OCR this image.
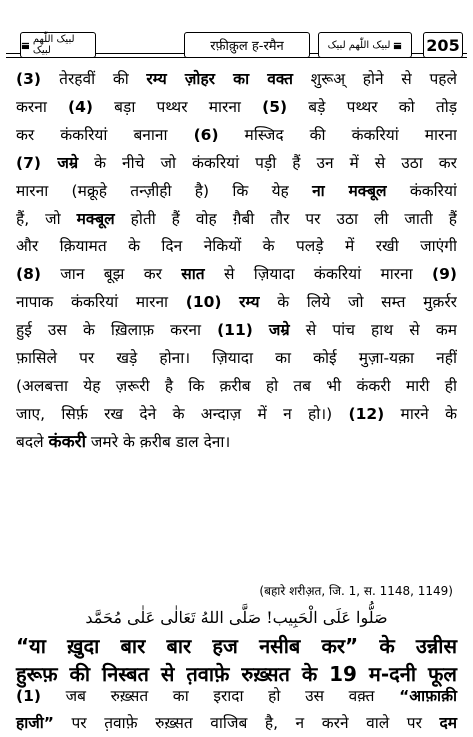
لبیک اللّٰھم لبیک	रफ़ीक़ुल ह-रमैन	لبیک اللّٰھم لبیک 205
(3) तेरहवीं की रम्य ज़ोहर का वक्त शुरूअ् होने से पहले
करना (4) बड़ा पथ्थर मारना (5) बड़े पथ्थर को तोड़
कर कंकरियां बनाना (6) मस्जिद की कंकरियां मारना
(7) जम्रे के नीचे जो कंकरियां पड़ी हैं उन में से उठा कर
मारना (मक्रूहे तन्ज़ीही है) कि येह ना मक्बूल कंकरियां
हैं, जो मक्बूल होती हैं वोह ग़ैबी तौर पर उठा ली जाती हैं
और क़ियामत के दिन नेकियों के पलड़े में रखी जाएंगी
(8) जान बूझ कर सात से ज़ियादा कंकरियां मारना (9)
नापाक कंकरियां मारना (10) रम्य के लिये जो सम्त मुक़र्रर
हुई उस के ख़िलाफ़ करना (11) जम्रे से पांच हाथ से कम
फ़ासिले पर खड़े होना। ज़ियादा का कोई मुज़ा-यक़ा नहीं
(अलबत्ता येह ज़रूरी है कि क़रीब हो तब भी कंकरी मारी ही
जाए, सिर्फ़ रख देने के अन्दाज़ में न हो।) (12) मारने के
बदले कंकरी जमरे के क़रीब डाल देना।
(बहारे शरीअ़त, जि. 1, स. 1148, 1149)
صَلُّوا عَلَى الْحَبِيب! صَلَّى اللهُ تَعَالٰى عَلٰى مُحَمَّد
“या ख़ुदा बार बार हज नसीब कर” के उन्नीस
हुरूफ़ की निस्बत से त़वाफ़े रुख़्सत के 19 म-दनी फूल
(1) जब रुख़्सत का इरादा हो उस वक़्त “आफ़ाक़ी
हाजी” पर त़वाफ़े रुख़्सत वाजिब है, न करने वाले पर दम
